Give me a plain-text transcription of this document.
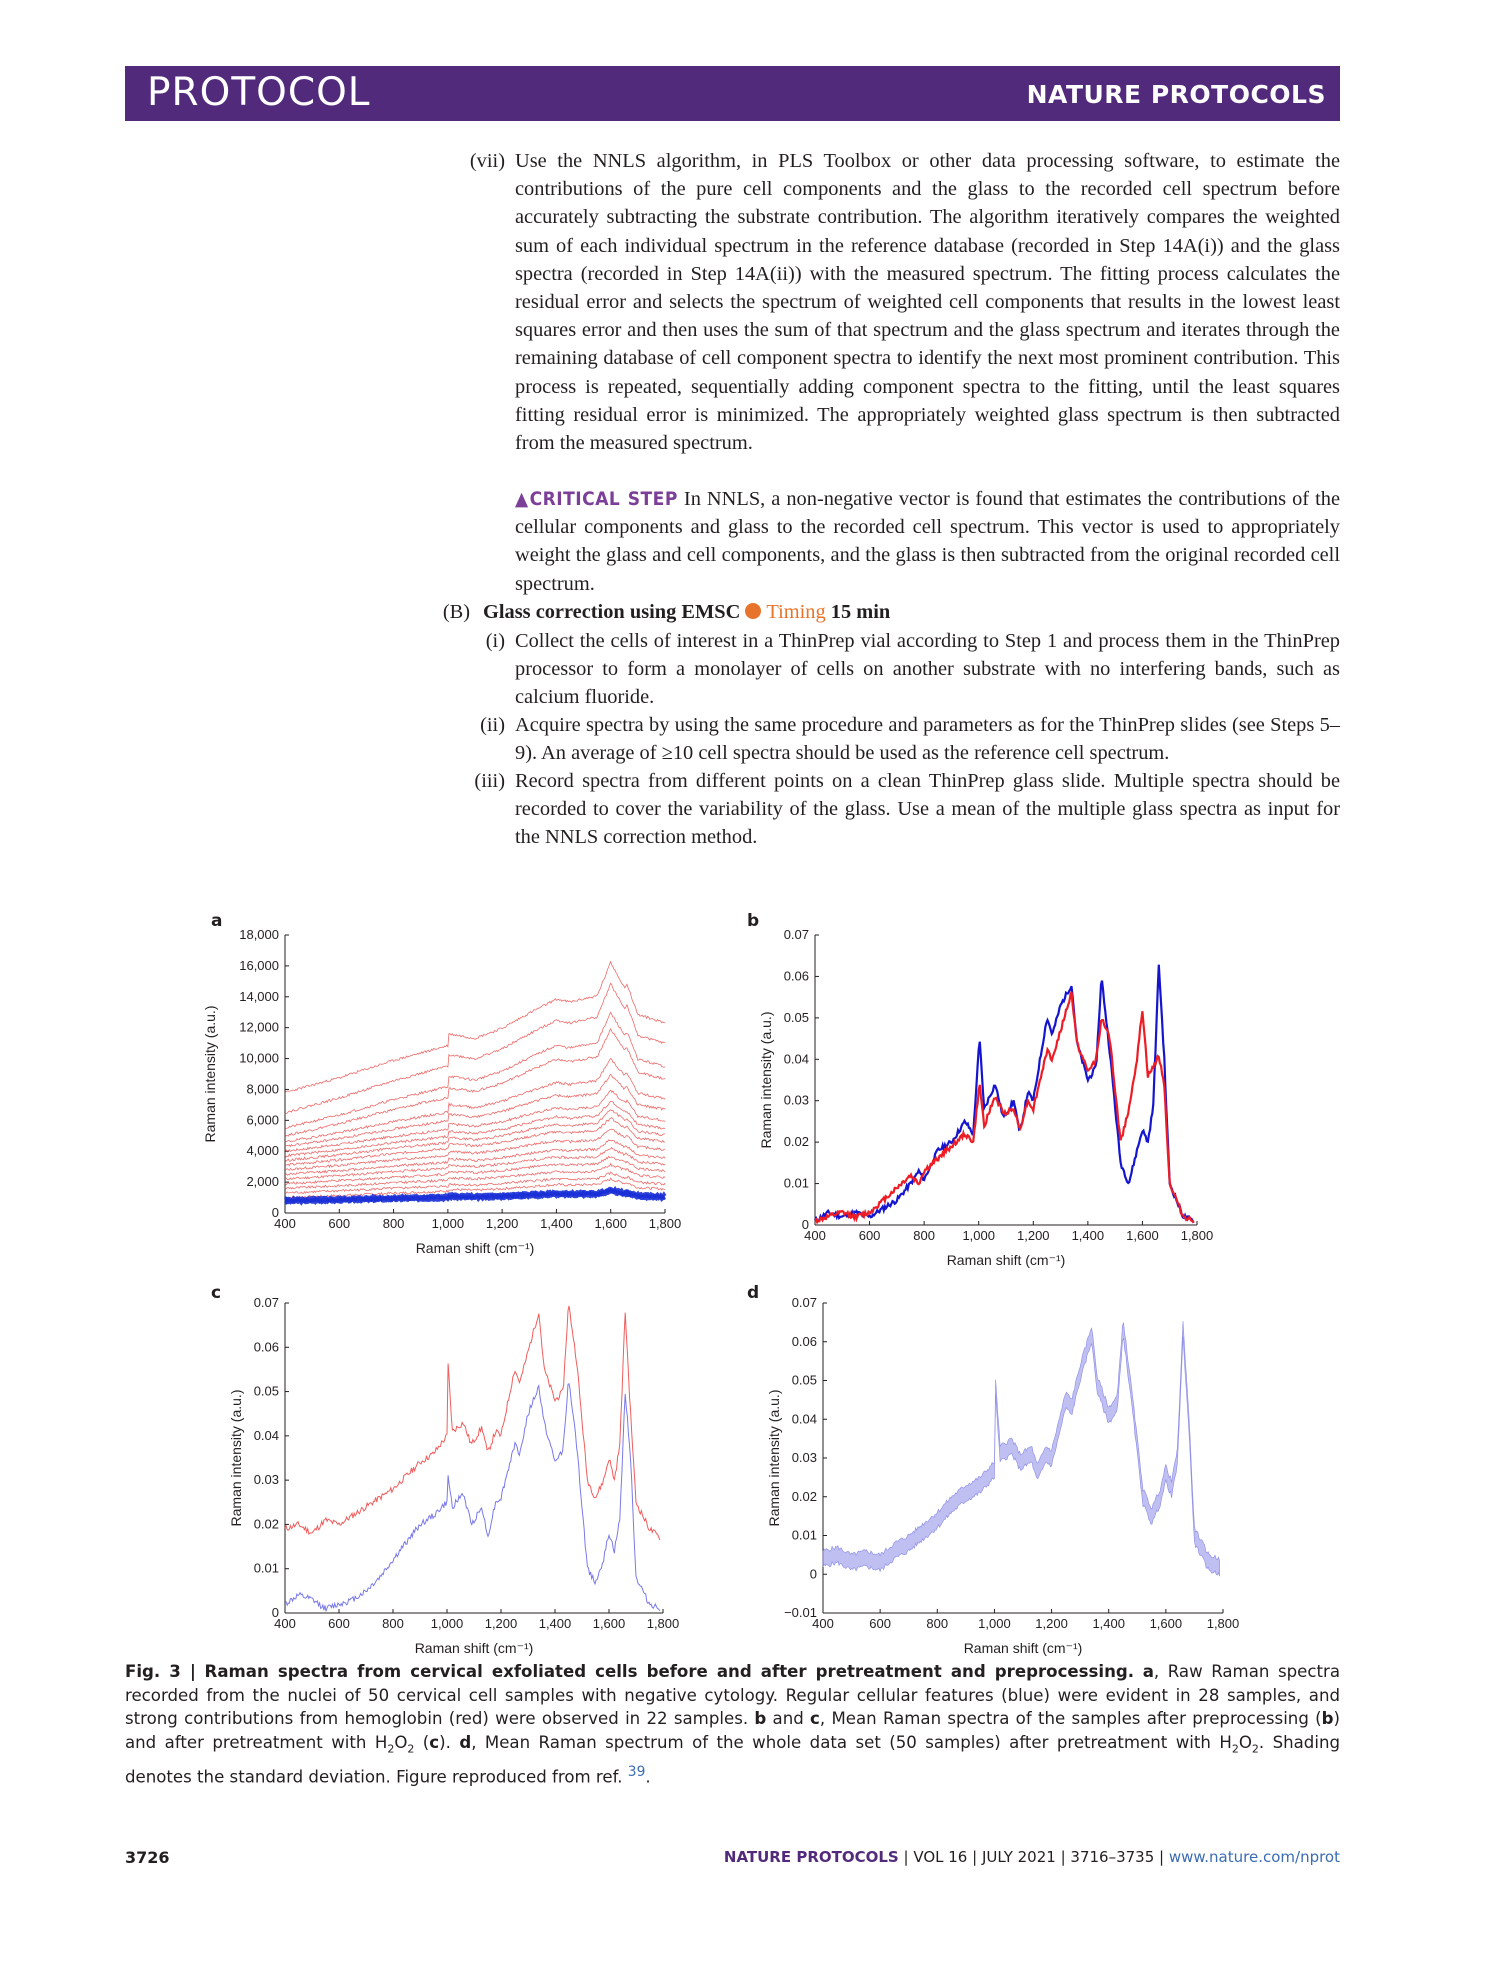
PROTOCOL	NATURE PROTOCOLS
(vii) Use the NNLS algorithm, in PLS Toolbox or other data processing software, to estimate the contributions of the pure cell components and the glass to the recorded cell spectrum before accurately subtracting the substrate contribution. The algorithm iteratively compares the weighted sum of each individual spectrum in the reference database (recorded in Step 14A(i)) and the glass spectra (recorded in Step 14A(ii)) with the measured spectrum. The fitting process calculates the residual error and selects the spectrum of weighted cell components that results in the lowest least squares error and then uses the sum of that spectrum and the glass spectrum and iterates through the remaining database of cell component spectra to identify the next most prominent contribution. This process is repeated, sequentially adding component spectra to the fitting, until the least squares fitting residual error is minimized. The appropriately weighted glass spectrum is then subtracted from the measured spectrum.
▲CRITICAL STEP In NNLS, a non-negative vector is found that estimates the contributions of the cellular components and glass to the recorded cell spectrum. This vector is used to appropriately weight the glass and cell components, and the glass is then subtracted from the original recorded cell spectrum.
(B) Glass correction using EMSC Timing 15 min
(i) Collect the cells of interest in a ThinPrep vial according to Step 1 and process them in the ThinPrep processor to form a monolayer of cells on another substrate with no interfering bands, such as calcium fluoride.
(ii) Acquire spectra by using the same procedure and parameters as for the ThinPrep slides (see Steps 5–9). An average of ≥10 cell spectra should be used as the reference cell spectrum.
(iii) Record spectra from different points on a clean ThinPrep glass slide. Multiple spectra should be recorded to cover the variability of the glass. Use a mean of the multiple glass spectra as input for the NNLS correction method.
a
400	600	800 1,000 1,200 1,400 1,600 1,800
0
2,000
4,000
6,000
8,000
10,000
12,000
14,000
16,000
18,000
Raman shift (cm⁻¹)
Raman intensity (a.u.)
b
400	600	800 1,000 1,200 1,400 1,600 1,800
0
0.01
0.02
0.03
0.04
0.05
0.06
0.07
Raman shift (cm⁻¹)
Raman intensity (a.u.)
c
400 600 800 1,000 1,200 1,400 1,600 1,800
0
0.01
0.02
0.03
0.04
0.05
0.06
0.07
Raman shift (cm⁻¹)
Raman intensity (a.u.)
d
400	600	800 1,000 1,200 1,400 1,600 1,800
−0.01
0
0.01
0.02
0.03
0.04
0.05
0.06
0.07
Raman shift (cm⁻¹)
Raman intensity (a.u.)
Fig. 3 | Raman spectra from cervical exfoliated cells before and after pretreatment and preprocessing. a, Raw Raman spectra recorded from the nuclei of 50 cervical cell samples with negative cytology. Regular cellular features (blue) were evident in 28 samples, and strong contributions from hemoglobin (red) were observed in 22 samples. b and c, Mean Raman spectra of the samples after preprocessing (b) and after pretreatment with $H_2O_2$ (c). d, Mean Raman spectrum of the whole data set (50 samples) after pretreatment with $H_2O_2$. Shading denotes the standard deviation. Figure reproduced from ref. $^{39}$.
3726	NATURE PROTOCOLS | VOL 16 | JULY 2021 | 3716–3735 | www.nature.com/nprot
